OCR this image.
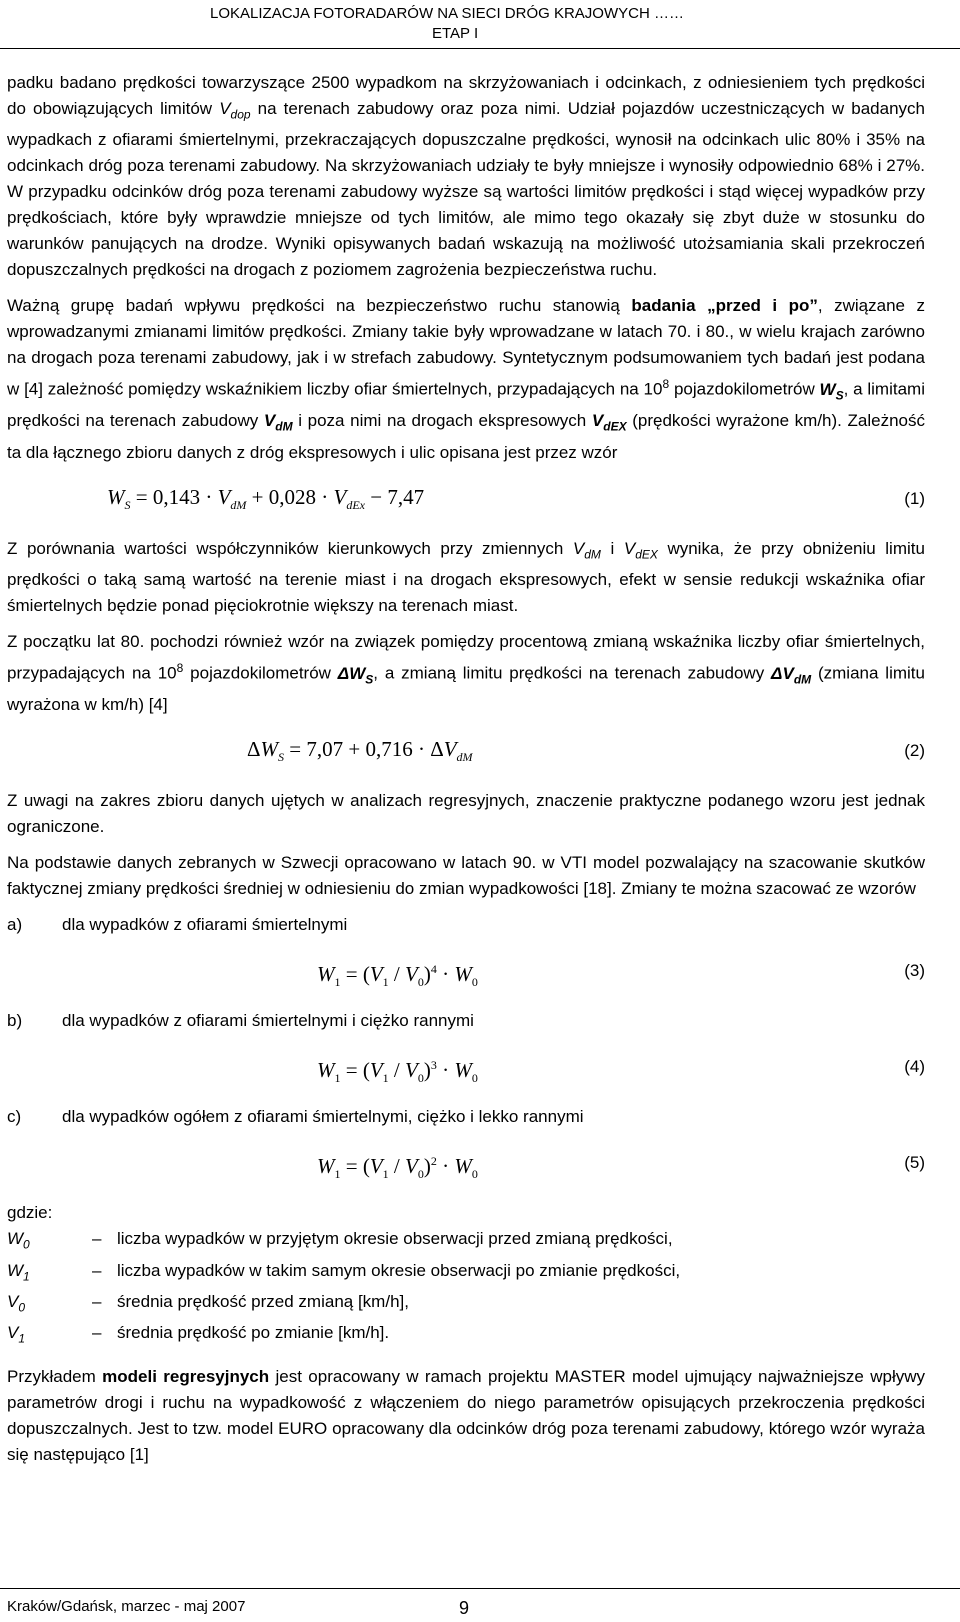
LOKALIZACJA FOTORADARÓW NA SIECI DRÓG KRAJOWYCH ……
ETAP I

padku badano prędkości towarzyszące 2500 wypadkom na skrzyżowaniach i odcinkach, z odniesieniem tych prędkości do obowiązujących limitów $V_{dop}$ na terenach zabudowy oraz poza nimi. Udział pojazdów uczestniczących w badanych wypadkach z ofiarami śmiertelnymi, przekraczających dopuszczalne prędkości, wynosił na odcinkach ulic 80% i 35% na odcinkach dróg poza terenami zabudowy. Na skrzyżowaniach udziały te były mniejsze i wynosiły odpowiednio 68% i 27%. W przypadku odcinków dróg poza terenami zabudowy wyższe są wartości limitów prędkości i stąd więcej wypadków przy prędkościach, które były wprawdzie mniejsze od tych limitów, ale mimo tego okazały się zbyt duże w stosunku do warunków panujących na drodze. Wyniki opisywanych badań wskazują na możliwość utożsamiania skali przekroczeń dopuszczalnych prędkości na drogach z poziomem zagrożenia bezpieczeństwa ruchu.

Ważną grupę badań wpływu prędkości na bezpieczeństwo ruchu stanowią badania „przed i po”, związane z wprowadzanymi zmianami limitów prędkości. Zmiany takie były wprowadzane w latach 70. i 80., w wielu krajach zarówno na drogach poza terenami zabudowy, jak i w strefach zabudowy. Syntetycznym podsumowaniem tych badań jest podana w [4] zależność pomiędzy wskaźnikiem liczby ofiar śmiertelnych, przypadających na $10^8$ pojazdokilometrów $W_S$, a limitami prędkości na terenach zabudowy $V_{dM}$ i poza nimi na drogach ekspresowych $V_{dEX}$ (prędkości wyrażone km/h). Zależność ta dla łącznego zbioru danych z dróg ekspresowych i ulic opisana jest przez wzór

$W_S = 0,143 \cdot V_{dM} + 0,028 \cdot V_{dEx} - 7,47$	(1)

Z porównania wartości współczynników kierunkowych przy zmiennych $V_{dM}$ i $V_{dEX}$ wynika, że przy obniżeniu limitu prędkości o taką samą wartość na terenie miast i na drogach ekspresowych, efekt w sensie redukcji wskaźnika ofiar śmiertelnych będzie ponad pięciokrotnie większy na terenach miast.

Z początku lat 80. pochodzi również wzór na związek pomiędzy procentową zmianą wskaźnika liczby ofiar śmiertelnych, przypadających na $10^8$ pojazdokilometrów $\Delta W_S$, a zmianą limitu prędkości na terenach zabudowy $\Delta V_{dM}$ (zmiana limitu wyrażona w km/h) [4]

$\Delta W_S = 7,07 + 0,716 \cdot \Delta V_{dM}$	(2)

Z uwagi na zakres zbioru danych ujętych w analizach regresyjnych, znaczenie praktyczne podanego wzoru jest jednak ograniczone.

Na podstawie danych zebranych w Szwecji opracowano w latach 90. w VTI model pozwalający na szacowanie skutków faktycznej zmiany prędkości średniej w odniesieniu do zmian wypadkowości [18]. Zmiany te można szacować ze wzorów

a)	dla wypadków z ofiarami śmiertelnymi
$W_1 = (V_1 / V_0)^4 \cdot W_0$
(3)
b)	dla wypadków z ofiarami śmiertelnymi i ciężko rannymi
$W_1 = (V_1 / V_0)^3 \cdot W_0$
(4)
c)	dla wypadków ogółem z ofiarami śmiertelnymi, ciężko i lekko rannymi
$W_1 = (V_1 / V_0)^2 \cdot W_0$
(5)
gdzie:
$W_0$	– liczba wypadków w przyjętym okresie obserwacji przed zmianą prędkości,
$W_1$	– liczba wypadków w takim samym okresie obserwacji po zmianie prędkości,
$V_0$	– średnia prędkość przed zmianą [km/h],
$V_1$	– średnia prędkość po zmianie [km/h].

Przykładem modeli regresyjnych jest opracowany w ramach projektu MASTER model ujmujący najważniejsze wpływy parametrów drogi i ruchu na wypadkowość z włączeniem do niego parametrów opisujących przekroczenia prędkości dopuszczalnych. Jest to tzw. model EURO opracowany dla odcinków dróg poza terenami zabudowy, którego wzór wyraża się następująco [1]

Kraków/Gdańsk, marzec - maj 2007	9
